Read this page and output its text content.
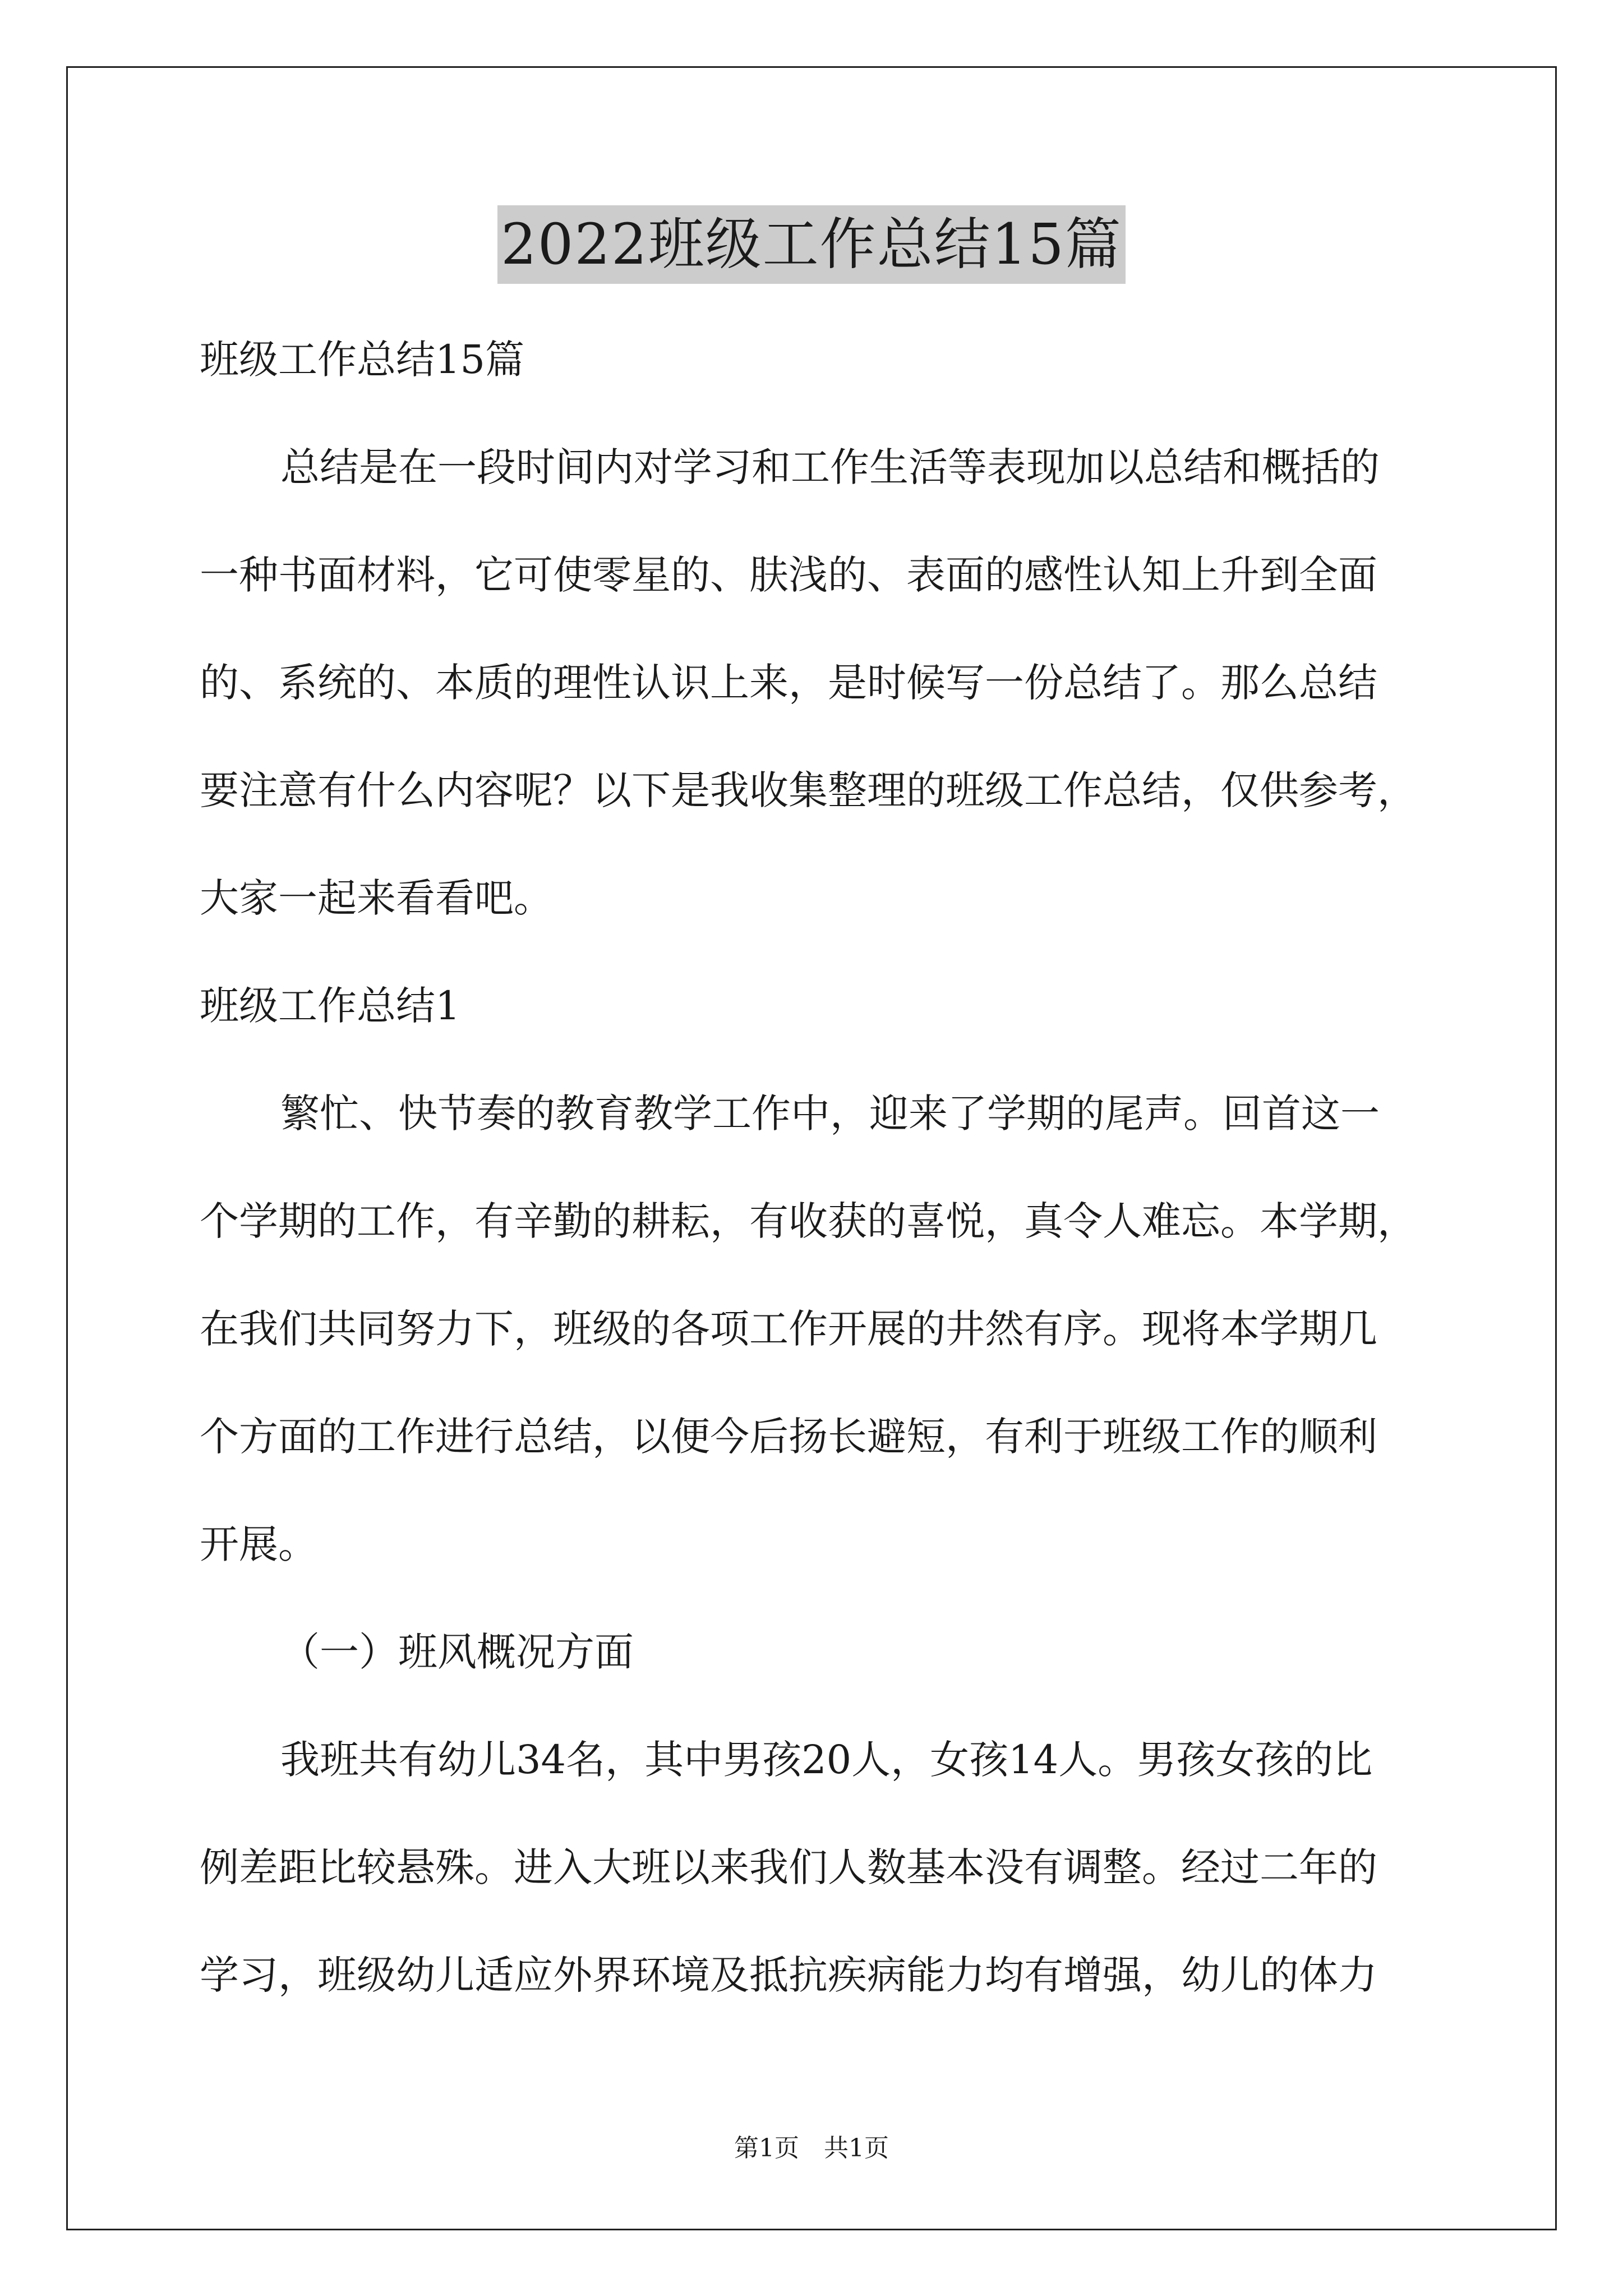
2022班级工作总结15篇
班级工作总结15篇
总结是在一段时间内对学习和工作生活等表现加以总结和概括的
一种书面材料，它可使零星的、肤浅的、表面的感性认知上升到全面
的、系统的、本质的理性认识上来，是时候写一份总结了。那么总结
要注意有什么内容呢？以下是我收集整理的班级工作总结，仅供参考，
大家一起来看看吧。
班级工作总结1
繁忙、快节奏的教育教学工作中，迎来了学期的尾声。回首这一
个学期的工作，有辛勤的耕耘，有收获的喜悦，真令人难忘。本学期，
在我们共同努力下，班级的各项工作开展的井然有序。现将本学期几
个方面的工作进行总结，以便今后扬长避短，有利于班级工作的顺利
开展。
（一）班风概况方面
我班共有幼儿34名，其中男孩20人，女孩14人。男孩女孩的比
例差距比较悬殊。进入大班以来我们人数基本没有调整。经过二年的
学习，班级幼儿适应外界环境及抵抗疾病能力均有增强，幼儿的体力
第1页　共1页
